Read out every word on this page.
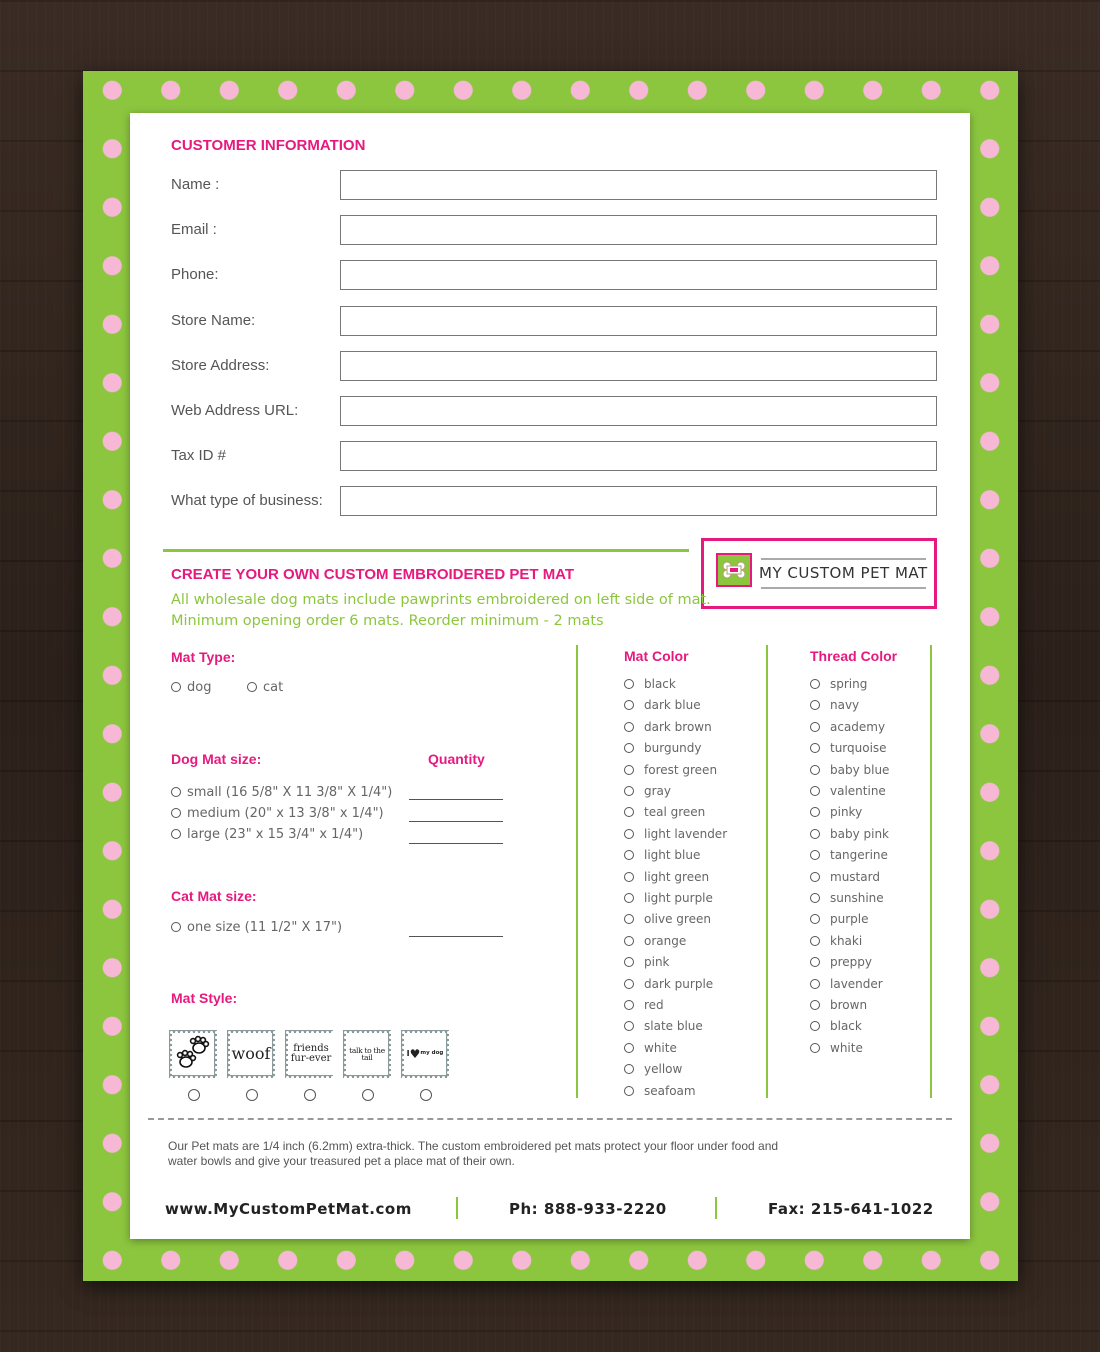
CUSTOMER INFORMATION
Name :
Email :
Phone:
Store Name:
Store Address:
Web Address URL:
Tax ID #
What type of business:
MY CUSTOM PET MAT
CREATE YOUR OWN CUSTOM EMBROIDERED PET MAT
All wholesale dog mats include pawprints embroidered on left side of mat.
Minimum opening order 6 mats. Reorder minimum - 2 mats
Mat Type:
dog	cat
Dog Mat size:	Quantity
small (16 5/8" X 11 3/8" X 1/4")
medium (20" x 13 3/8" x 1/4")
large (23" x 15 3/4" x 1/4")
Cat Mat size:
one size (11 1/2" X 17")
Mat Style:
woof	friends fur-ever
talk to the tail	I ♥ my dog
Mat Color	Thread Color
black
dark blue
dark brown
burgundy
forest green
gray
teal green
light lavender
light blue
light green
light purple
olive green
orange
pink
dark purple
red
slate blue
white
yellow
seafoam
spring
navy
academy
turquoise
baby blue
valentine
pinky
baby pink
tangerine
mustard
sunshine
purple
khaki
preppy
lavender
brown
black
white
Our Pet mats are 1/4 inch (6.2mm) extra-thick. The custom embroidered pet mats protect your floor under food and
water bowls and give your treasured pet a place mat of their own.
www.MyCustomPetMat.com	Ph: 888-933-2220	Fax: 215-641-1022
